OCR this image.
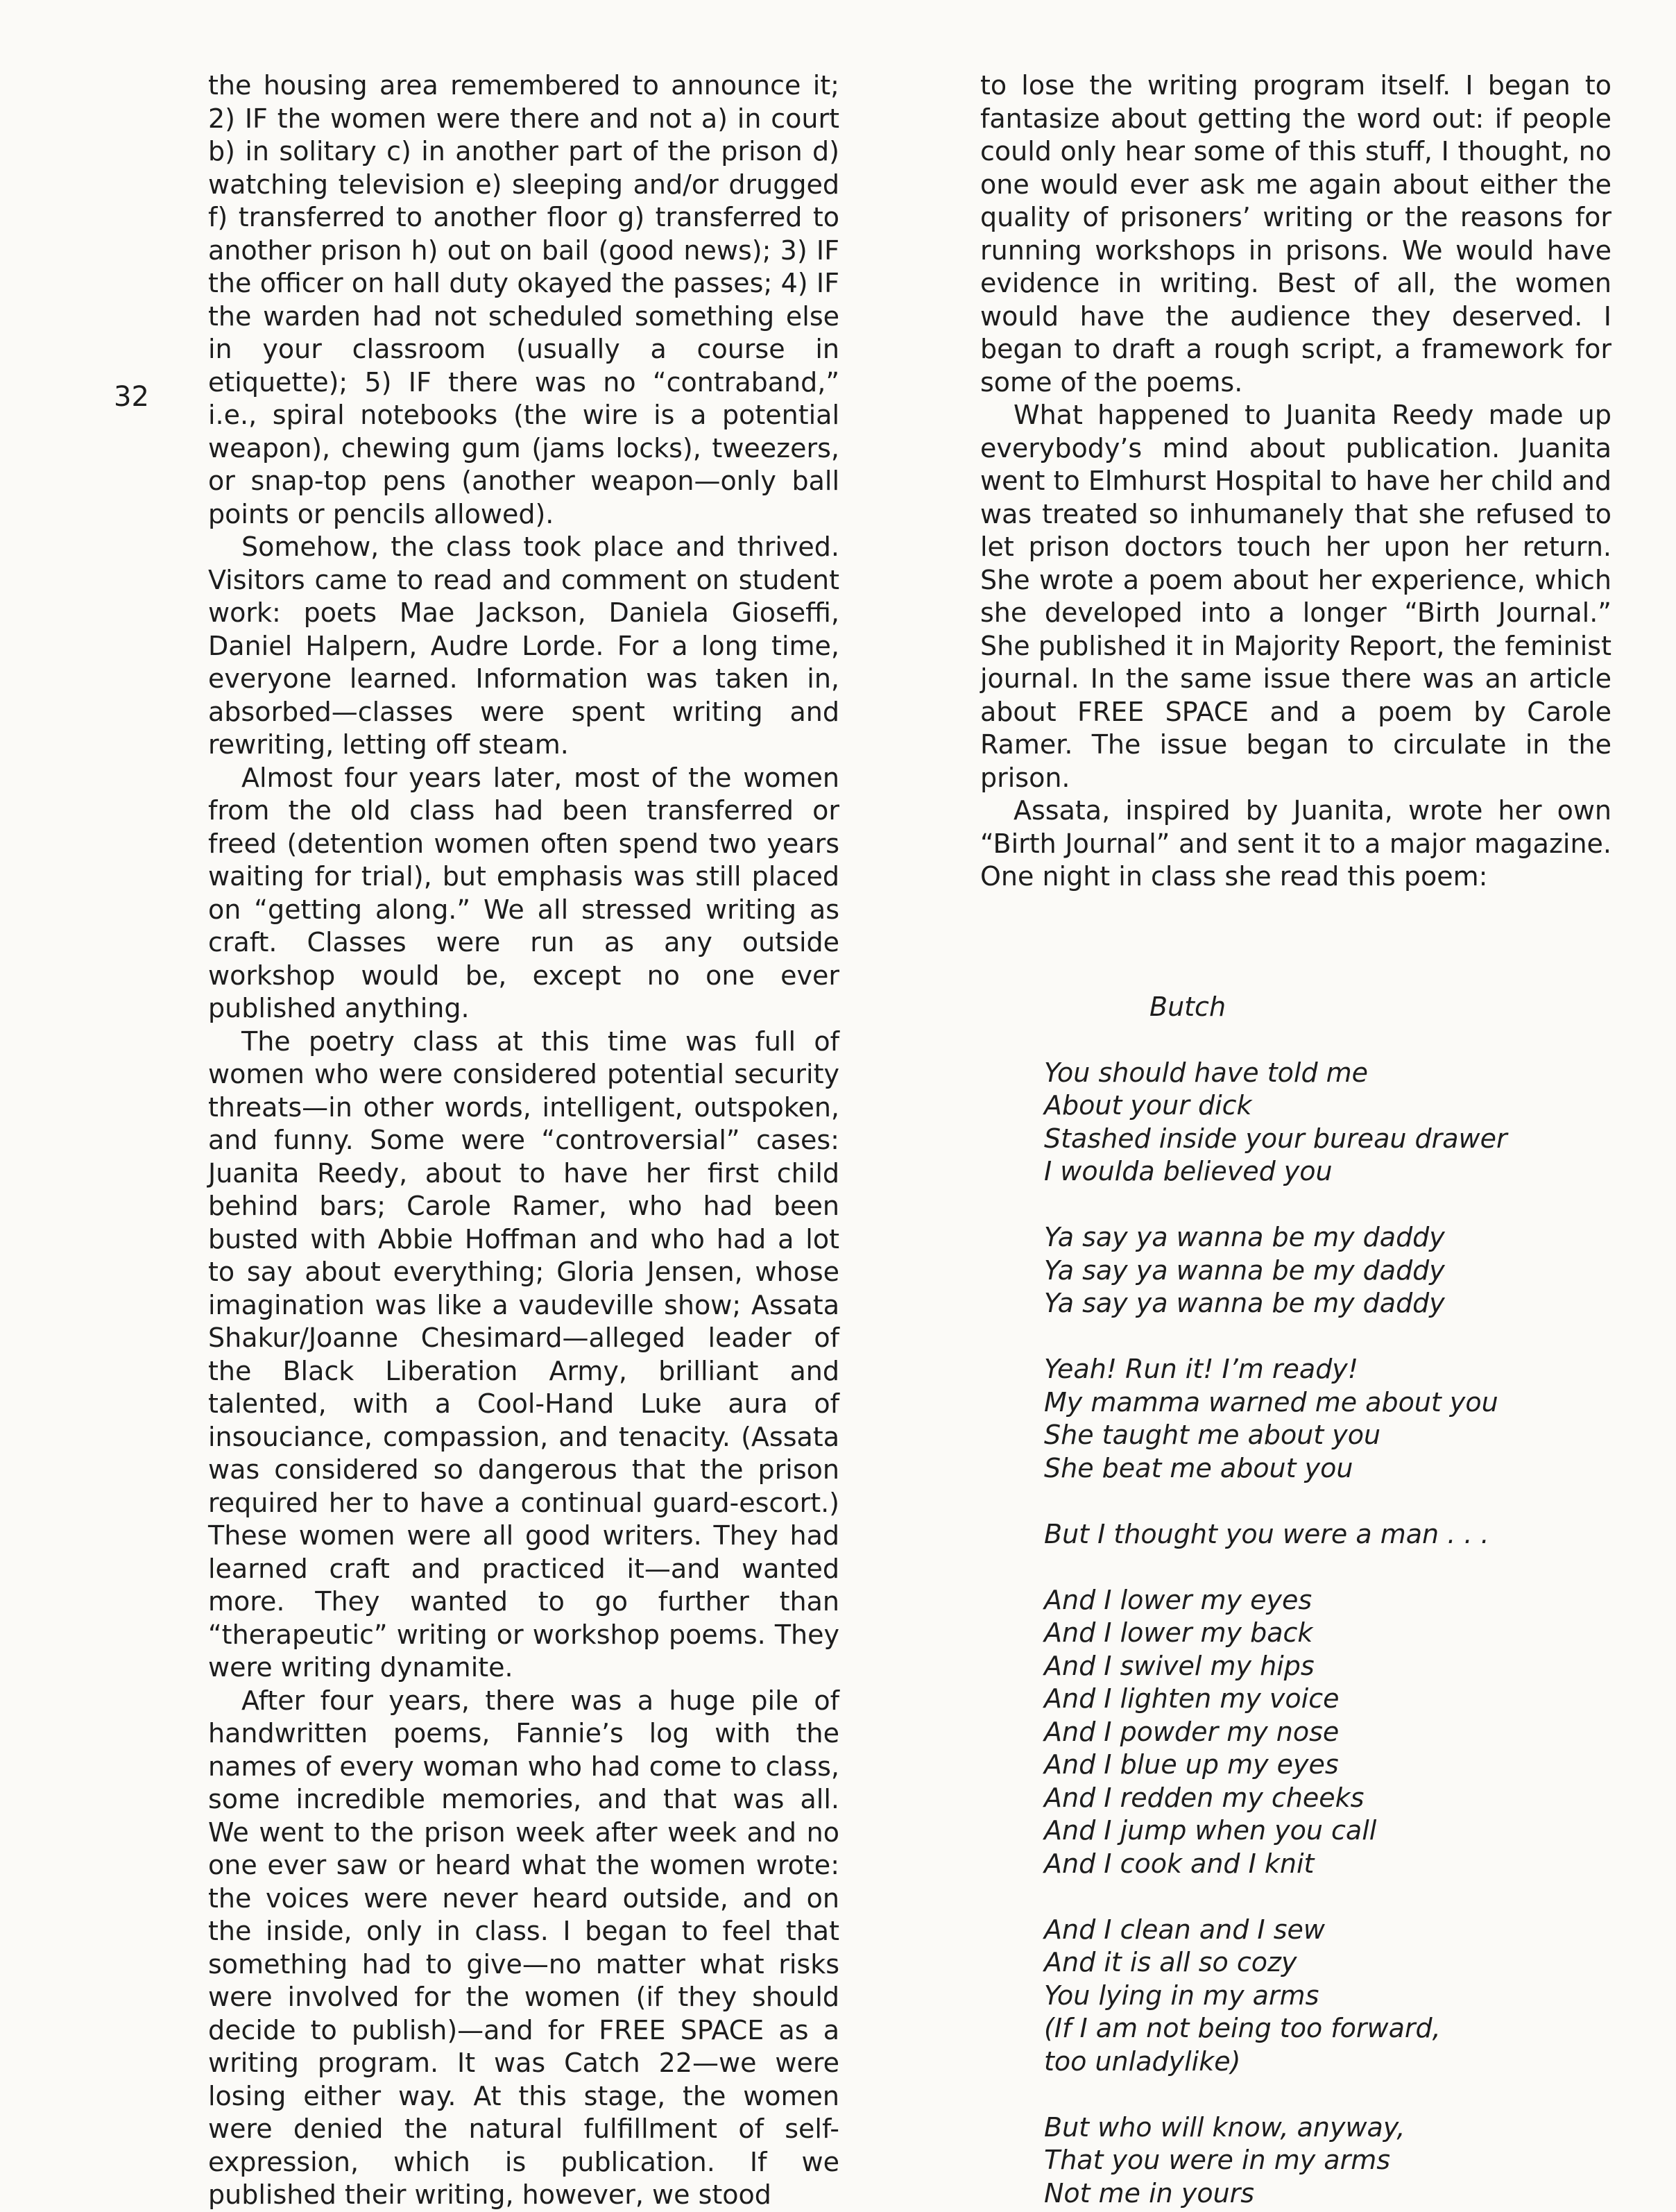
32

the housing area remembered to announce it; 2) IF the women were there and not a) in court b) in solitary c) in another part of the prison d) watching television e) sleeping and/or drugged f) transferred to another floor g) transferred to another prison h) out on bail (good news); 3) IF the officer on hall duty okayed the passes; 4) IF the warden had not scheduled something else in your classroom (usually a course in etiquette); 5) IF there was no “contraband,” i.e., spiral notebooks (the wire is a potential weapon), chewing gum (jams locks), tweezers, or snap-top pens (another weapon—only ball points or pencils allowed).

Somehow, the class took place and thrived. Visitors came to read and comment on student work: poets Mae Jackson, Daniela Gioseffi, Daniel Halpern, Audre Lorde. For a long time, everyone learned. Information was taken in, absorbed—classes were spent writing and rewriting, letting off steam.

Almost four years later, most of the women from the old class had been transferred or freed (detention women often spend two years waiting for trial), but emphasis was still placed on “getting along.” We all stressed writing as craft. Classes were run as any outside workshop would be, except no one ever published anything.

The poetry class at this time was full of women who were considered potential security threats—in other words, intelligent, outspoken, and funny. Some were “controversial” cases: Juanita Reedy, about to have her first child behind bars; Carole Ramer, who had been busted with Abbie Hoffman and who had a lot to say about everything; Gloria Jensen, whose imagination was like a vaudeville show; Assata Shakur/Joanne Chesimard—alleged leader of the Black Liberation Army, brilliant and talented, with a Cool-Hand Luke aura of insouciance, compassion, and tenacity. (Assata was considered so dangerous that the prison required her to have a continual guard-escort.) These women were all good writers. They had learned craft and practiced it—and wanted more. They wanted to go further than “therapeutic” writing or workshop poems. They were writing dynamite.

After four years, there was a huge pile of handwritten poems, Fannie’s log with the names of every woman who had come to class, some incredible memories, and that was all. We went to the prison week after week and no one ever saw or heard what the women wrote: the voices were never heard outside, and on the inside, only in class. I began to feel that something had to give—no matter what risks were involved for the women (if they should decide to publish)—and for FREE SPACE as a writing program. It was Catch 22—we were losing either way. At this stage, the women were denied the natural fulfillment of self-expression, which is publication. If we published their writing, however, we stood

to lose the writing program itself. I began to fantasize about getting the word out: if people could only hear some of this stuff, I thought, no one would ever ask me again about either the quality of prisoners’ writing or the reasons for running workshops in prisons. We would have evidence in writing. Best of all, the women would have the audience they deserved. I began to draft a rough script, a framework for some of the poems.

What happened to Juanita Reedy made up everybody’s mind about publication. Juanita went to Elmhurst Hospital to have her child and was treated so inhumanely that she refused to let prison doctors touch her upon her return. She wrote a poem about her experience, which she developed into a longer “Birth Journal.” She published it in Majority Report, the feminist journal. In the same issue there was an article about FREE SPACE and a poem by Carole Ramer. The issue began to circulate in the prison.

Assata, inspired by Juanita, wrote her own “Birth Journal” and sent it to a major magazine. One night in class she read this poem:

Butch
You should have told me
About your dick
Stashed inside your bureau drawer
I woulda believed you
Ya say ya wanna be my daddy
Ya say ya wanna be my daddy
Ya say ya wanna be my daddy
Yeah! Run it! I’m ready!
My mamma warned me about you
She taught me about you
She beat me about you
But I thought you were a man . . .
And I lower my eyes
And I lower my back
And I swivel my hips
And I lighten my voice
And I powder my nose
And I blue up my eyes
And I redden my cheeks
And I jump when you call
And I cook and I knit
And I clean and I sew
And it is all so cozy
You lying in my arms
(If I am not being too forward,
too unladylike)
But who will know, anyway,
That you were in my arms
Not me in yours
